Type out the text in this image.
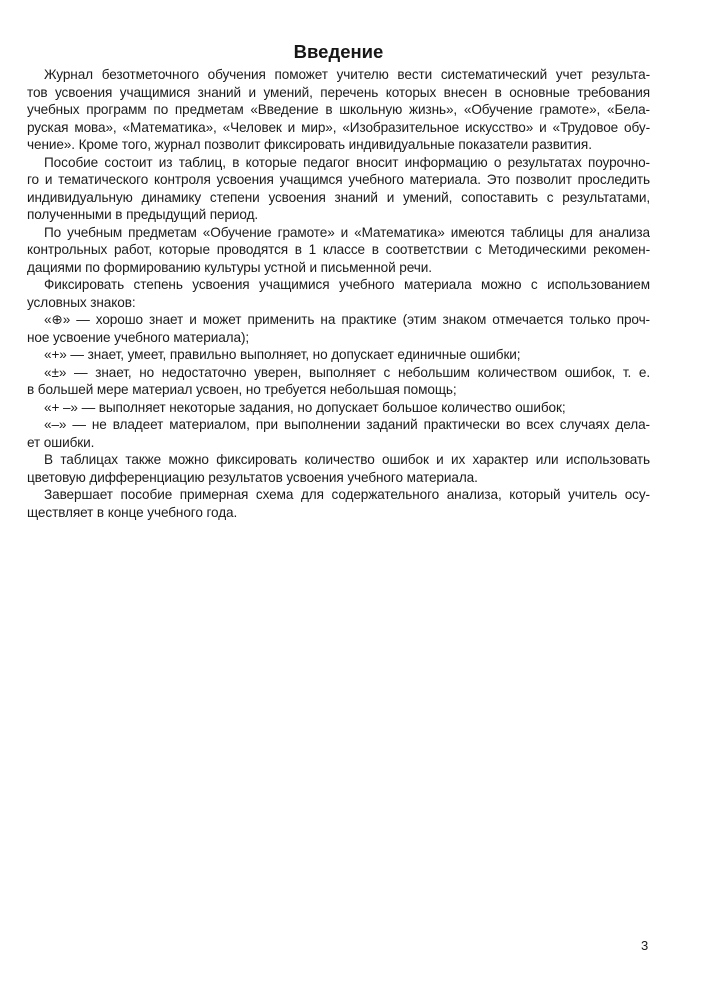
Введение
Журнал безотметочного обучения поможет учителю вести систематический учет результа-
тов усвоения учащимися знаний и умений, перечень которых внесен в основные требования
учебных программ по предметам «Введение в школьную жизнь», «Обучение грамоте», «Бела-
руская мова», «Математика», «Человек и мир», «Изобразительное искусство» и «Трудовое обу-
чение». Кроме того, журнал позволит фиксировать индивидуальные показатели развития.
Пособие состоит из таблиц, в которые педагог вносит информацию о результатах поурочно-
го и тематического контроля усвоения учащимся учебного материала. Это позволит проследить
индивидуальную динамику степени усвоения знаний и умений, сопоставить с результатами,
полученными в предыдущий период.
По учебным предметам «Обучение грамоте» и «Математика» имеются таблицы для анализа
контрольных работ, которые проводятся в 1 классе в соответствии с Методическими рекомен-
дациями по формированию культуры устной и письменной речи.
Фиксировать степень усвоения учащимися учебного материала можно с использованием
условных знаков:
«⊕» — хорошо знает и может применить на практике (этим знаком отмечается только проч-
ное усвоение учебного материала);
«+» — знает, умеет, правильно выполняет, но допускает единичные ошибки;
«±» — знает, но недостаточно уверен, выполняет с небольшим количеством ошибок, т. е.
в большей мере материал усвоен, но требуется небольшая помощь;
«+ –» — выполняет некоторые задания, но допускает большое количество ошибок;
«–» — не владеет материалом, при выполнении заданий практически во всех случаях дела-
ет ошибки.
В таблицах также можно фиксировать количество ошибок и их характер или использовать
цветовую дифференциацию результатов усвоения учебного материала.
Завершает пособие примерная схема для содержательного анализа, который учитель осу-
ществляет в конце учебного года.
3
